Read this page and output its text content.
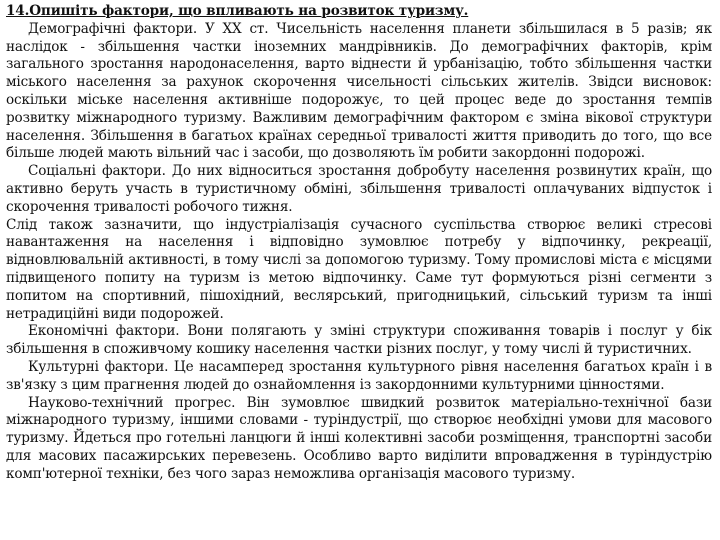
14.Опишіть фактори, що впливають на розвиток туризму.

Демографічні фактори. У XX ст. Чисельність населення планети збільшилася в 5 разів; як наслідок - збільшення частки іноземних мандрівників. До демографічних факторів, крім загального зростання народонаселення, варто віднести й урбанізацію, тобто збільшення частки міського населення за рахунок скорочення чисельності сільських жителів. Звідси висновок: оскільки міське населення активніше подорожує, то цей процес веде до зростання темпів розвитку міжнародного туризму. Важливим демографічним фактором є зміна вікової структури населення. Збільшення в багатьох країнах середньої тривалості життя приводить до того, що все більше людей мають вільний час і засоби, що дозволяють їм робити закордонні подорожі.

Соціальні фактори. До них відноситься зростання добробуту населення розвинутих країн, що активно беруть участь в туристичному обміні, збільшення тривалості оплачуваних відпусток і скорочення тривалості робочого тижня.

Слід також зазначити, що індустріалізація сучасного суспільства створює великі стресові навантаження на населення і відповідно зумовлює потребу у відпочинку, рекреації, відновлювальній активності, в тому числі за допомогою туризму. Тому промислові міста є місцями підвищеного попиту на туризм із метою відпочинку. Саме тут формуються різні сегменти з попитом на спортивний, пішохідний, веслярський, пригодницький, сільський туризм та інші нетрадиційні види подорожей.

Економічні фактори. Вони полягають у зміні структури споживання товарів і послуг у бік збільшення в споживчому кошику населення частки різних послуг, у тому числі й туристичних.

Культурні фактори. Це насамперед зростання культурного рівня населення багатьох країн і в зв'язку з цим прагнення людей до ознайомлення із закордонними культурними цінностями.

Науково-технічний прогрес. Він зумовлює швидкий розвиток матеріально-технічної бази міжнародного туризму, іншими словами - туріндустрії, що створює необхідні умови для масового туризму. Йдеться про готельні ланцюги й інші колективні засоби розміщення, транспортні засоби для масових пасажирських перевезень. Особливо варто виділити впровадження в туріндустрію комп'ютерної техніки, без чого зараз неможлива організація масового туризму.
